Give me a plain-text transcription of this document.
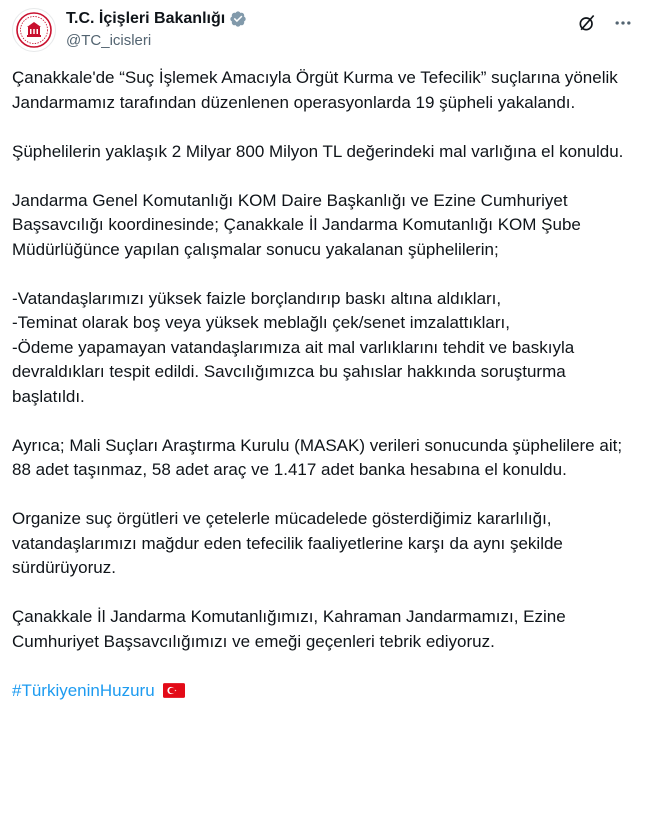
T.C. İçişleri Bakanlığı
@TC_icisleri

Çanakkale'de “Suç İşlemek Amacıyla Örgüt Kurma ve Tefecilik” suçlarına yönelik Jandarmamız tarafından düzenlenen operasyonlarda 19 şüpheli yakalandı.

Şüphelilerin yaklaşık 2 Milyar 800 Milyon TL değerindeki mal varlığına el konuldu.

Jandarma Genel Komutanlığı KOM Daire Başkanlığı ve Ezine Cumhuriyet Başsavcılığı koordinesinde; Çanakkale İl Jandarma Komutanlığı KOM Şube Müdürlüğünce yapılan çalışmalar sonucu yakalanan şüphelilerin;

-Vatandaşlarımızı yüksek faizle borçlandırıp baskı altına aldıkları,

-Teminat olarak boş veya yüksek meblağlı çek/senet imzalattıkları,

-Ödeme yapamayan vatandaşlarımıza ait mal varlıklarını tehdit ve baskıyla devraldıkları tespit edildi. Savcılığımızca bu şahıslar hakkında soruşturma başlatıldı.

Ayrıca; Mali Suçları Araştırma Kurulu (MASAK) verileri sonucunda şüphelilere ait; 88 adet taşınmaz, 58 adet araç ve 1.417 adet banka hesabına el konuldu.

Organize suç örgütleri ve çetelerle mücadelede gösterdiğimiz kararlılığı, vatandaşlarımızı mağdur eden tefecilik faaliyetlerine karşı da aynı şekilde sürdürüyoruz.

Çanakkale İl Jandarma Komutanlığımızı, Kahraman Jandarmamızı, Ezine Cumhuriyet Başsavcılığımızı ve emeği geçenleri tebrik ediyoruz.

#TürkiyeninHuzuru
